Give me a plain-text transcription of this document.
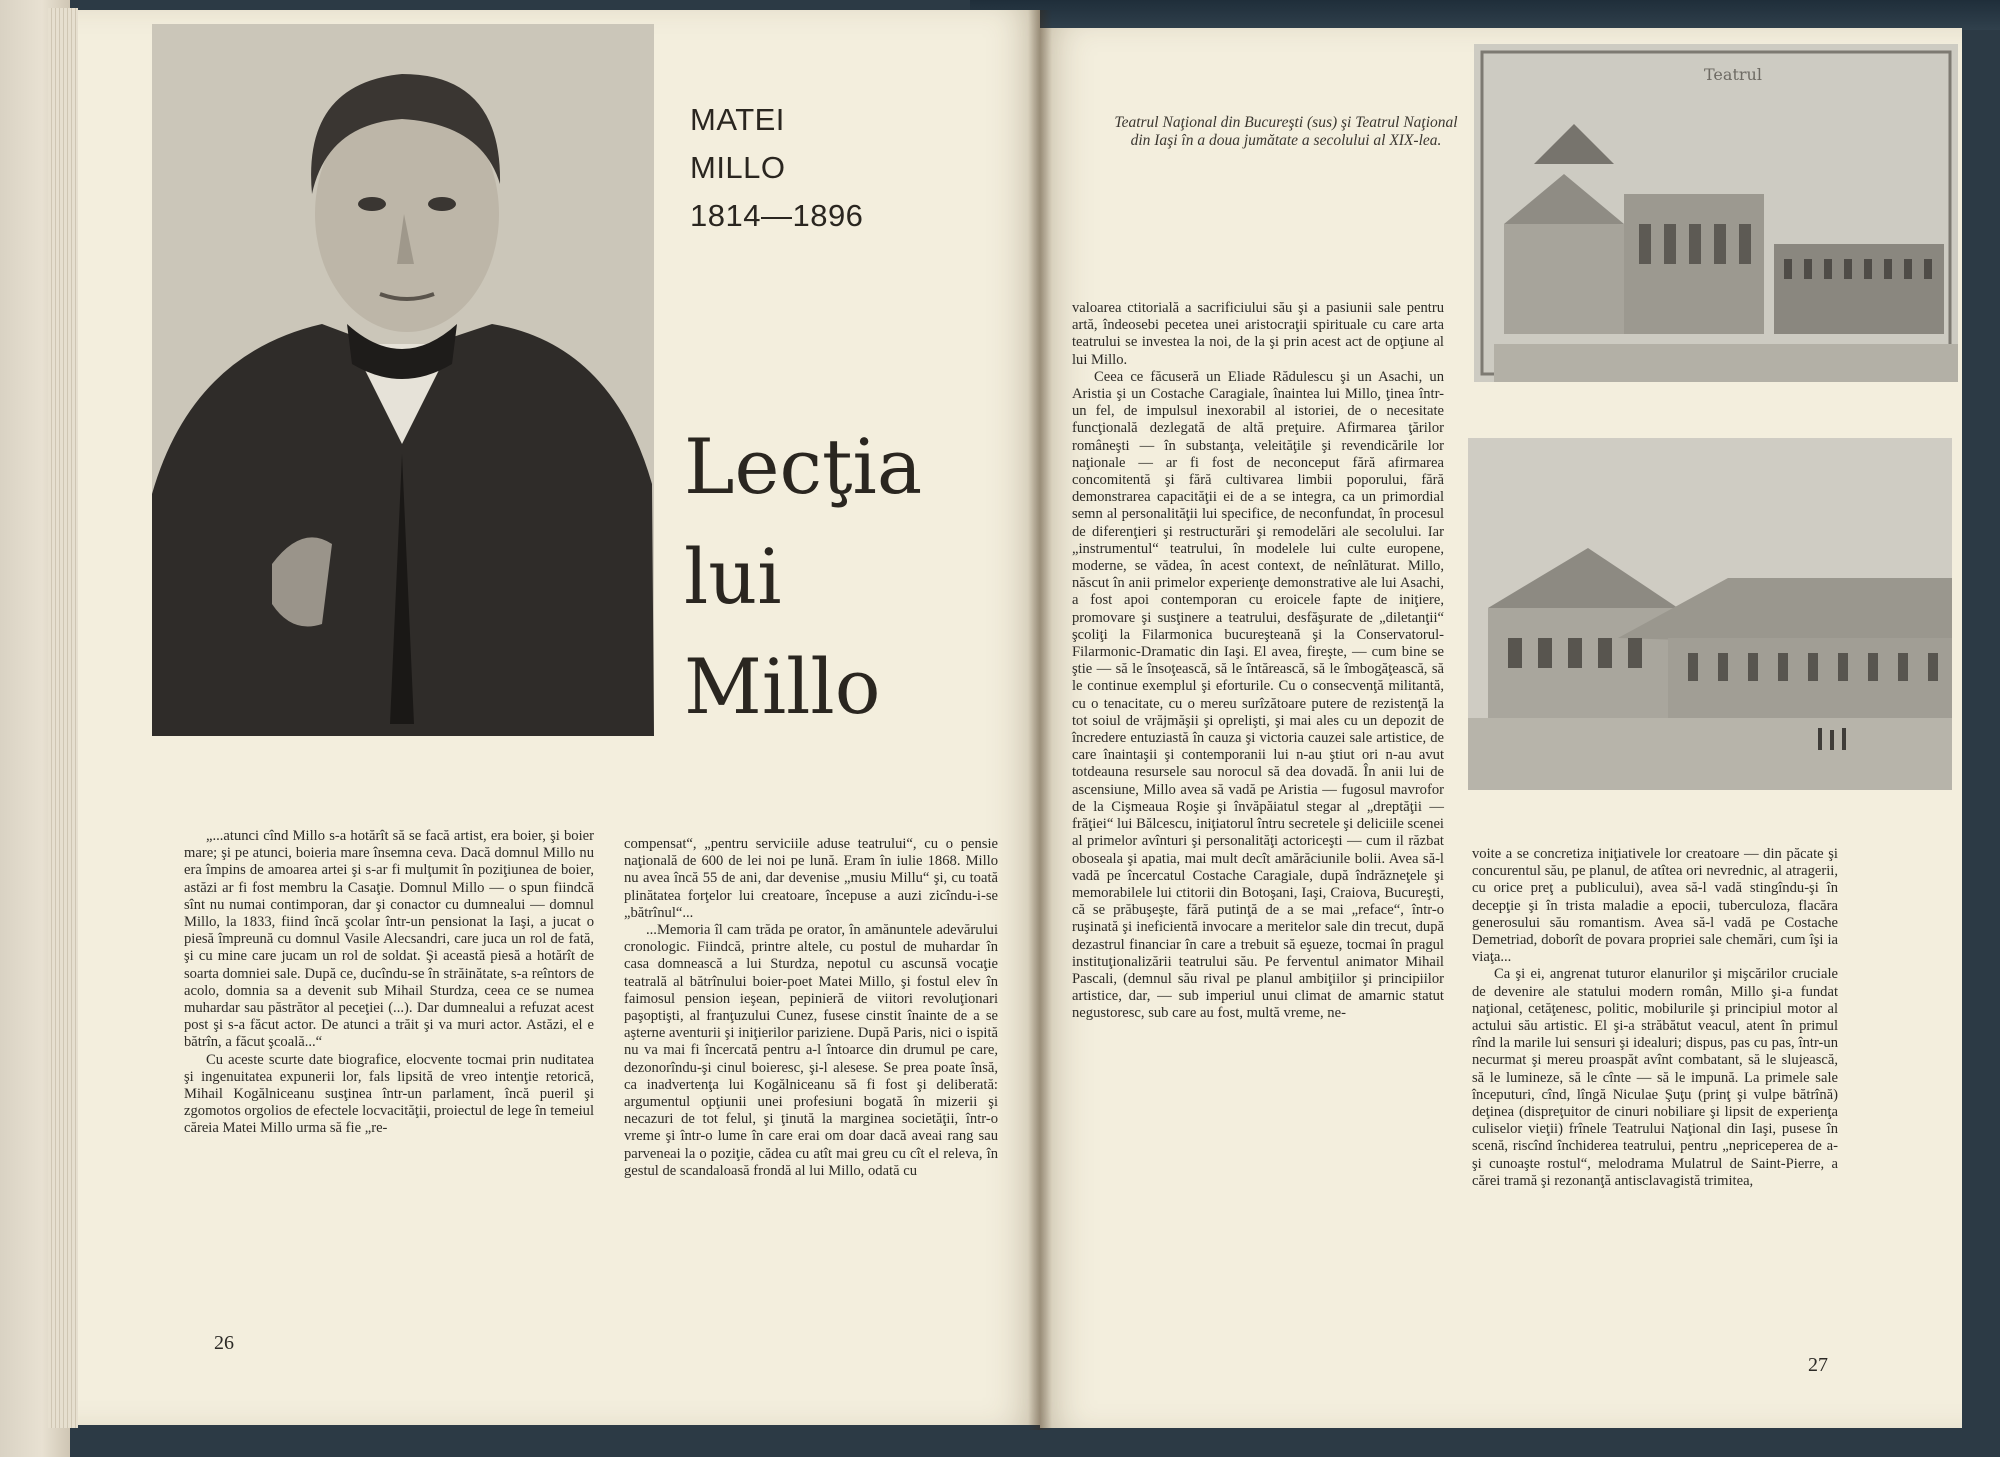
MATEI
MILLO
1814—1896
Lecţia
lui
Millo

„...atunci cînd Millo s-a hotărît să se facă artist, era boier, şi boier mare; şi pe atunci, boieria mare însemna ceva. Dacă domnul Millo nu era împins de amoarea artei şi s-ar fi mulţumit în poziţiunea de boier, astăzi ar fi fost membru la Casaţie. Domnul Millo — o spun fiindcă sînt nu numai contimporan, dar şi conactor cu dumnealui — domnul Millo, la 1833, fiind încă şcolar într-un pensionat la Iaşi, a jucat o piesă împreună cu domnul Vasile Alecsandri, care juca un rol de fată, şi cu mine care jucam un rol de soldat. Şi această piesă a hotărît de soarta domniei sale. După ce, ducîndu-se în străinătate, s-a reîntors de acolo, domnia sa a devenit sub Mihail Sturdza, ceea ce se numea muhardar sau păstrător al peceţiei (...). Dar dumnealui a refuzat acest post şi s-a făcut actor. De atunci a trăit şi va muri actor. Astăzi, el e bătrîn, a făcut şcoală...“

Cu aceste scurte date biografice, elocvente tocmai prin nuditatea şi ingenuitatea expunerii lor, fals lipsită de vreo intenţie retorică, Mihail Kogălniceanu susţinea într-un parlament, încă pueril şi zgomotos orgolios de efectele locvacităţii, proiectul de lege în temeiul căreia Matei Millo urma să fie „re-

compensat“, „pentru serviciile aduse teatrului“, cu o pensie naţională de 600 de lei noi pe lună. Eram în iulie 1868. Millo nu avea încă 55 de ani, dar devenise „musiu Millu“ şi, cu toată plinătatea forţelor lui creatoare, începuse a auzi zicîndu-i-se „bătrînul“...

...Memoria îl cam trăda pe orator, în amănuntele adevărului cronologic. Fiindcă, printre altele, cu postul de muhardar în casa domnească a lui Sturdza, nepotul cu ascunsă vocaţie teatrală al bătrînului boier-poet Matei Millo, şi fostul elev în faimosul pension ieşean, pepinieră de viitori revoluţionari paşoptişti, al franţuzului Cunez, fusese cinstit înainte de a se aşterne aventurii şi iniţierilor pariziene. După Paris, nici o ispită nu va mai fi încercată pentru a-l întoarce din drumul pe care, dezonorîndu-şi cinul boieresc, şi-l alesese. Se prea poate însă, ca inadvertenţa lui Kogălniceanu să fi fost şi deliberată: argumentul opţiunii unei profesiuni bogată în mizerii şi necazuri de tot felul, şi ţinută la marginea societăţii, într-o vreme şi într-o lume în care erai om doar dacă aveai rang sau parveneai la o poziţie, cădea cu atît mai greu cu cît el releva, în gestul de scandaloasă frondă al lui Millo, odată cu

26
Teatrul Naţional din Bucureşti (sus) şi Teatrul Naţional din Iaşi în a doua jumătate a secolului al XIX-lea.
Teatrul

valoarea ctitorială a sacrificiului său şi a pasiunii sale pentru artă, îndeosebi pecetea unei aristocraţii spirituale cu care arta teatrului se investea la noi, de la şi prin acest act de opţiune al lui Millo.

Ceea ce făcuseră un Eliade Rădulescu şi un Asachi, un Aristia şi un Costache Caragiale, înaintea lui Millo, ţinea într-un fel, de impulsul inexorabil al istoriei, de o necesitate funcţională dezlegată de altă preţuire. Afirmarea ţărilor româneşti — în substanţa, veleităţile şi revendicările lor naţionale — ar fi fost de neconceput fără afirmarea concomitentă şi fără cultivarea limbii poporului, fără demonstrarea capacităţii ei de a se integra, ca un primordial semn al personalităţii lui specifice, de neconfundat, în procesul de diferenţieri şi restructurări şi remodelări ale secolului. Iar „instrumentul“ teatrului, în modelele lui culte europene, moderne, se vădea, în acest context, de neînlăturat. Millo, născut în anii primelor experienţe demonstrative ale lui Asachi, a fost apoi contemporan cu eroicele fapte de iniţiere, promovare şi susţinere a teatrului, desfăşurate de „diletanţii“ şcoliţi la Filarmonica bucureşteană şi la Conservatorul-Filarmonic-Dramatic din Iaşi. El avea, fireşte, — cum bine se ştie — să le însoţească, să le întărească, să le îmbogăţească, să le continue exemplul şi eforturile. Cu o consecvenţă militantă, cu o tenacitate, cu o mereu surîzătoare putere de rezistenţă la tot soiul de vrăjmăşii şi oprelişti, şi mai ales cu un depozit de încredere entuziastă în cauza şi victoria cauzei sale artistice, de care înaintaşii şi contemporanii lui n-au ştiut ori n-au avut totdeauna resursele sau norocul să dea dovadă. În anii lui de ascensiune, Millo avea să vadă pe Aristia — fugosul mavrofor de la Cişmeaua Roşie şi învăpăiatul stegar al „dreptăţii — frăţiei“ lui Bălcescu, iniţiatorul întru secretele şi deliciile scenei al primelor avînturi şi personalităţi actoriceşti — cum il răzbat oboseala şi apatia, mai mult decît amărăciunile bolii. Avea să-l vadă pe încercatul Costache Caragiale, după îndrăzneţele şi memorabilele lui ctitorii din Botoşani, Iaşi, Craiova, Bucureşti, că se prăbuşeşte, fără putinţă de a se mai „reface“, într-o ruşinată şi ineficientă invocare a meritelor sale din trecut, după dezastrul financiar în care a trebuit să eşueze, tocmai în pragul instituţionalizării teatrului său. Pe ferventul animator Mihail Pascali, (demnul său rival pe planul ambiţiilor şi principiilor artistice, dar, — sub imperiul unui climat de amarnic statut negustoresc, sub care au fost, multă vreme, ne-

voite a se concretiza iniţiativele lor creatoare — din păcate şi concurentul său, pe planul, de atîtea ori nevrednic, al atragerii, cu orice preţ a publicului), avea să-l vadă stingîndu-şi în decepţie şi în trista maladie a epocii, tuberculoza, flacăra generosului său romantism. Avea să-l vadă pe Costache Demetriad, doborît de povara propriei sale chemări, cum îşi ia viaţa...

Ca şi ei, angrenat tuturor elanurilor şi mişcărilor cruciale de devenire ale statului modern român, Millo şi-a fundat naţional, cetăţenesc, politic, mobilurile şi principiul motor al actului său artistic. El şi-a străbătut veacul, atent în primul rînd la marile lui sensuri şi idealuri; dispus, pas cu pas, într-un necurmat şi mereu proaspăt avînt combatant, să le slujească, să le lumineze, să le cînte — să le impună. La primele sale începuturi, cînd, lîngă Niculae Şuţu (prinţ şi vulpe bătrînă) deţinea (dispreţuitor de cinuri nobiliare şi lipsit de experienţa culiselor vieţii) frînele Teatrului Naţional din Iaşi, pusese în scenă, riscînd închiderea teatrului, pentru „nepriceperea de a-şi cunoaşte rostul“, melodrama Mulatrul de Saint-Pierre, a cărei tramă şi rezonanţă antisclavagistă trimitea,

27
